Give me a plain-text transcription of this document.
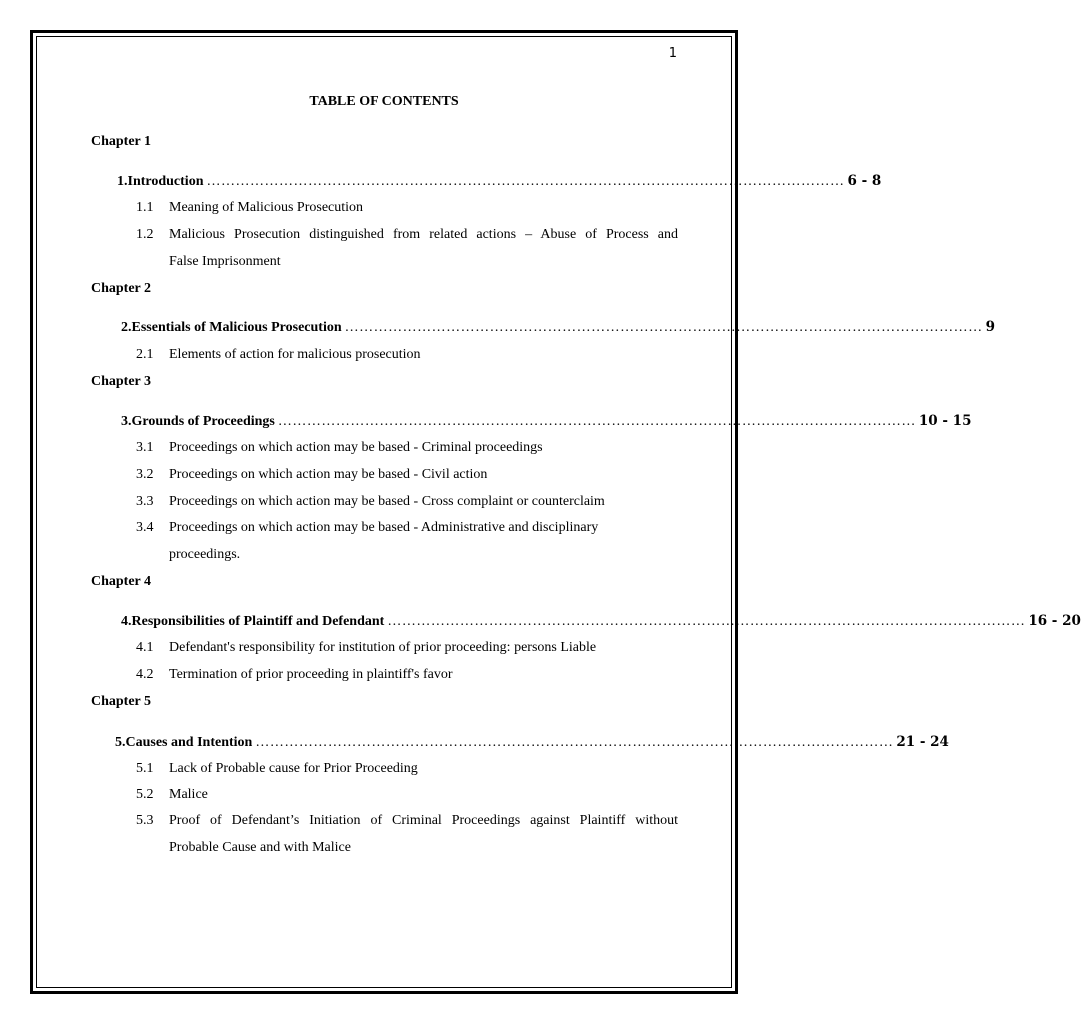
1
TABLE OF CONTENTS
Chapter 1
1. Introduction …………………………………………………………………………………………………………………… 6 - 8
1.1	Meaning of Malicious Prosecution
1.2	Malicious Prosecution distinguished from related actions – Abuse of Process and
False Imprisonment
Chapter 2
2. Essentials of Malicious Prosecution …………………………………………………………………………………………………………………… 9
2.1	Elements of action for malicious prosecution
Chapter 3
3. Grounds of Proceedings …………………………………………………………………………………………………………………… 10 - 15
3.1	Proceedings on which action may be based - Criminal proceedings
3.2	Proceedings on which action may be based - Civil action
3.3	Proceedings on which action may be based - Cross complaint or counterclaim
3.4	Proceedings on which action may be based - Administrative and disciplinary
proceedings.
Chapter 4
4. Responsibilities of Plaintiff and Defendant …………………………………………………………………………………………………………………… 16 - 20
4.1	Defendant's responsibility for institution of prior proceeding: persons Liable
4.2	Termination of prior proceeding in plaintiff's favor
Chapter 5
5. Causes and Intention …………………………………………………………………………………………………………………… 21 - 24
5.1	Lack of Probable cause for Prior Proceeding
5.2	Malice
5.3	Proof of Defendant’s Initiation of Criminal Proceedings against Plaintiff without
Probable Cause and with Malice
